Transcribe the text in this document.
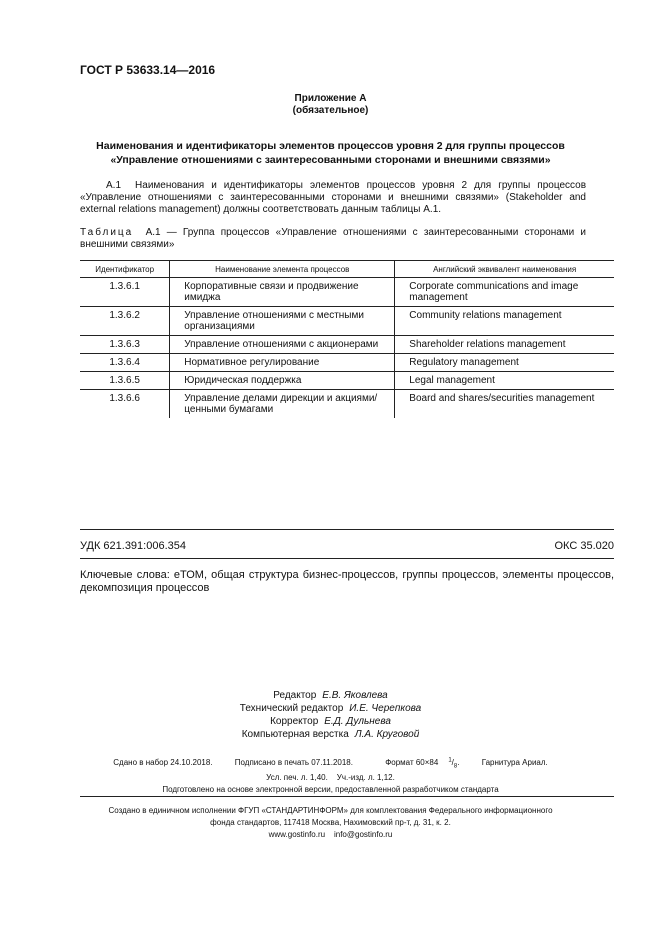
ГОСТ Р 53633.14—2016
Приложение А
(обязательное)
Наименования и идентификаторы элементов процессов уровня 2 для группы процессов
«Управление отношениями с заинтересованными сторонами и внешними связями»
А.1 Наименования и идентификаторы элементов процессов уровня 2 для группы процессов «Управление отношениями с заинтересованными сторонами и внешними связями» (Stakeholder and external relations management) должны соответствовать данным таблицы А.1.
Таблица А.1 — Группа процессов «Управление отношениями с заинтересованными сторонами и внешними связями»
Идентификатор	Наименование элемента процессов	Английский эквивалент наименования
1.3.6.1	Корпоративные связи и продвижение имиджа	Corporate communications and image management

1.3.6.2	Управление отношениями с местными организациями	Community relations management

1.3.6.3	Управление отношениями с акционерами	Shareholder relations management

1.3.6.4	Нормативное регулирование	Regulatory management

1.3.6.5	Юридическая поддержка	Legal management

1.3.6.6	Управление делами дирекции и акциями/ценными бумагами	Board and shares/securities management
УДК 621.391:006.354	ОКС 35.020
Ключевые слова: еТОМ, общая структура бизнес-процессов, группы процессов, элементы процессов, декомпозиция процессов
Редактор Е.В. Яковлева
Технический редактор И.Е. Черепкова
Корректор Е.Д. Дульнева
Компьютерная верстка Л.А. Круговой
Сдано в набор 24.10.2018.	Подписано в печать 07.11.2018.	Формат 60×84 $^1/_8$.	Гарнитура Ариал.
Усл. печ. л. 1,40. Уч.-изд. л. 1,12.
Подготовлено на основе электронной версии, предоставленной разработчиком стандарта
Создано в единичном исполнении ФГУП «СТАНДАРТИНФОРМ» для комплектования Федерального информационного
фонда стандартов, 117418 Москва, Нахимовский пр-т, д. 31, к. 2.
www.gostinfo.ru info@gostinfo.ru
